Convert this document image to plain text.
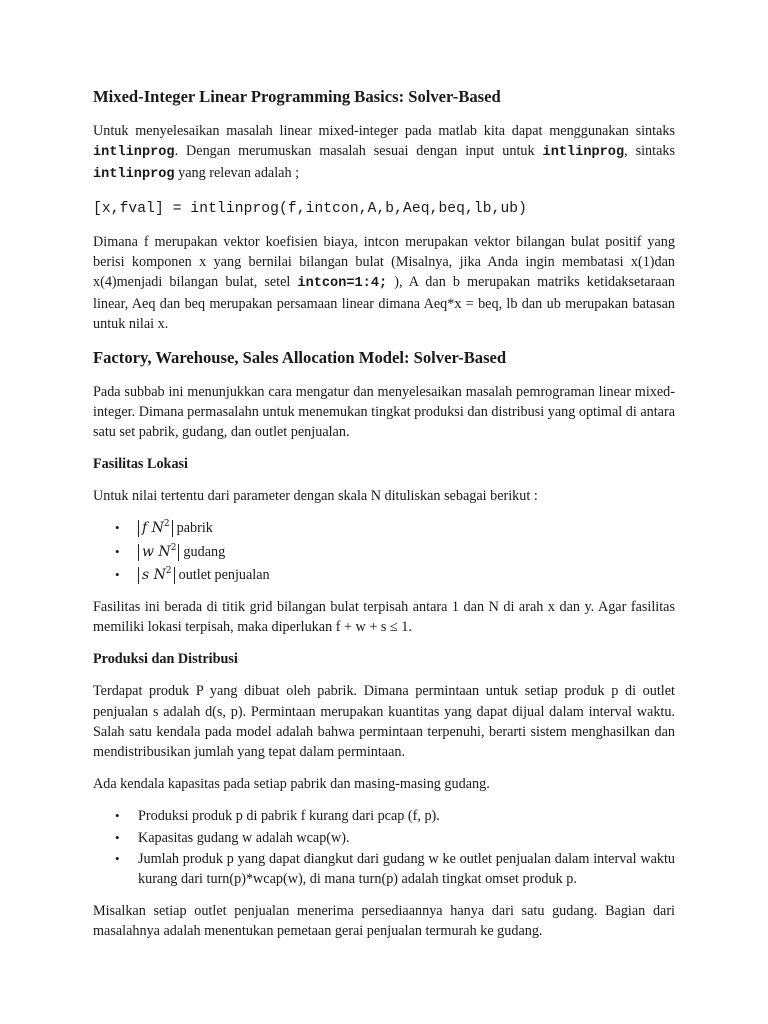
Mixed-Integer Linear Programming Basics: Solver-Based

Untuk menyelesaikan masalah linear mixed-integer pada matlab kita dapat menggunakan sintaks intlinprog. Dengan merumuskan masalah sesuai dengan input untuk intlinprog, sintaks intlinprog yang relevan adalah ;

[x,fval] = intlinprog(f,intcon,A,b,Aeq,beq,lb,ub)

Dimana f merupakan vektor koefisien biaya, intcon merupakan vektor bilangan bulat positif yang berisi komponen x yang bernilai bilangan bulat (Misalnya, jika Anda ingin membatasi x(1)dan x(4)menjadi bilangan bulat, setel intcon=1:4; ), A dan b merupakan matriks ketidaksetaraan linear, Aeq dan beq merupakan persamaan linear dimana Aeq*x = beq, lb dan ub merupakan batasan untuk nilai x.

Factory, Warehouse, Sales Allocation Model: Solver-Based

Pada subbab ini menunjukkan cara mengatur dan menyelesaikan masalah pemrograman linear mixed-integer. Dimana permasalahn untuk menemukan tingkat produksi dan distribusi yang optimal di antara satu set pabrik, gudang, dan outlet penjualan.

Fasilitas Lokasi

Untuk nilai tertentu dari parameter dengan skala N dituliskan sebagai berikut :

• f $N^2$ pabrik
• w $N^2$ gudang
• s $N^2$ outlet penjualan

Fasilitas ini berada di titik grid bilangan bulat terpisah antara 1 dan N di arah x dan y. Agar fasilitas memiliki lokasi terpisah, maka diperlukan f + w + s ≤ 1.

Produksi dan Distribusi

Terdapat produk P yang dibuat oleh pabrik. Dimana permintaan untuk setiap produk p di outlet penjualan s adalah d(s, p). Permintaan merupakan kuantitas yang dapat dijual dalam interval waktu. Salah satu kendala pada model adalah bahwa permintaan terpenuhi, berarti sistem menghasilkan dan mendistribusikan jumlah yang tepat dalam permintaan.

Ada kendala kapasitas pada setiap pabrik dan masing-masing gudang.

• Produksi produk p di pabrik f kurang dari pcap (f, p).
• Kapasitas gudang w adalah wcap(w).
• Jumlah produk p yang dapat diangkut dari gudang w ke outlet penjualan dalam interval waktu kurang dari turn(p)*wcap(w), di mana turn(p) adalah tingkat omset produk p.

Misalkan setiap outlet penjualan menerima persediaannya hanya dari satu gudang. Bagian dari masalahnya adalah menentukan pemetaan gerai penjualan termurah ke gudang.
